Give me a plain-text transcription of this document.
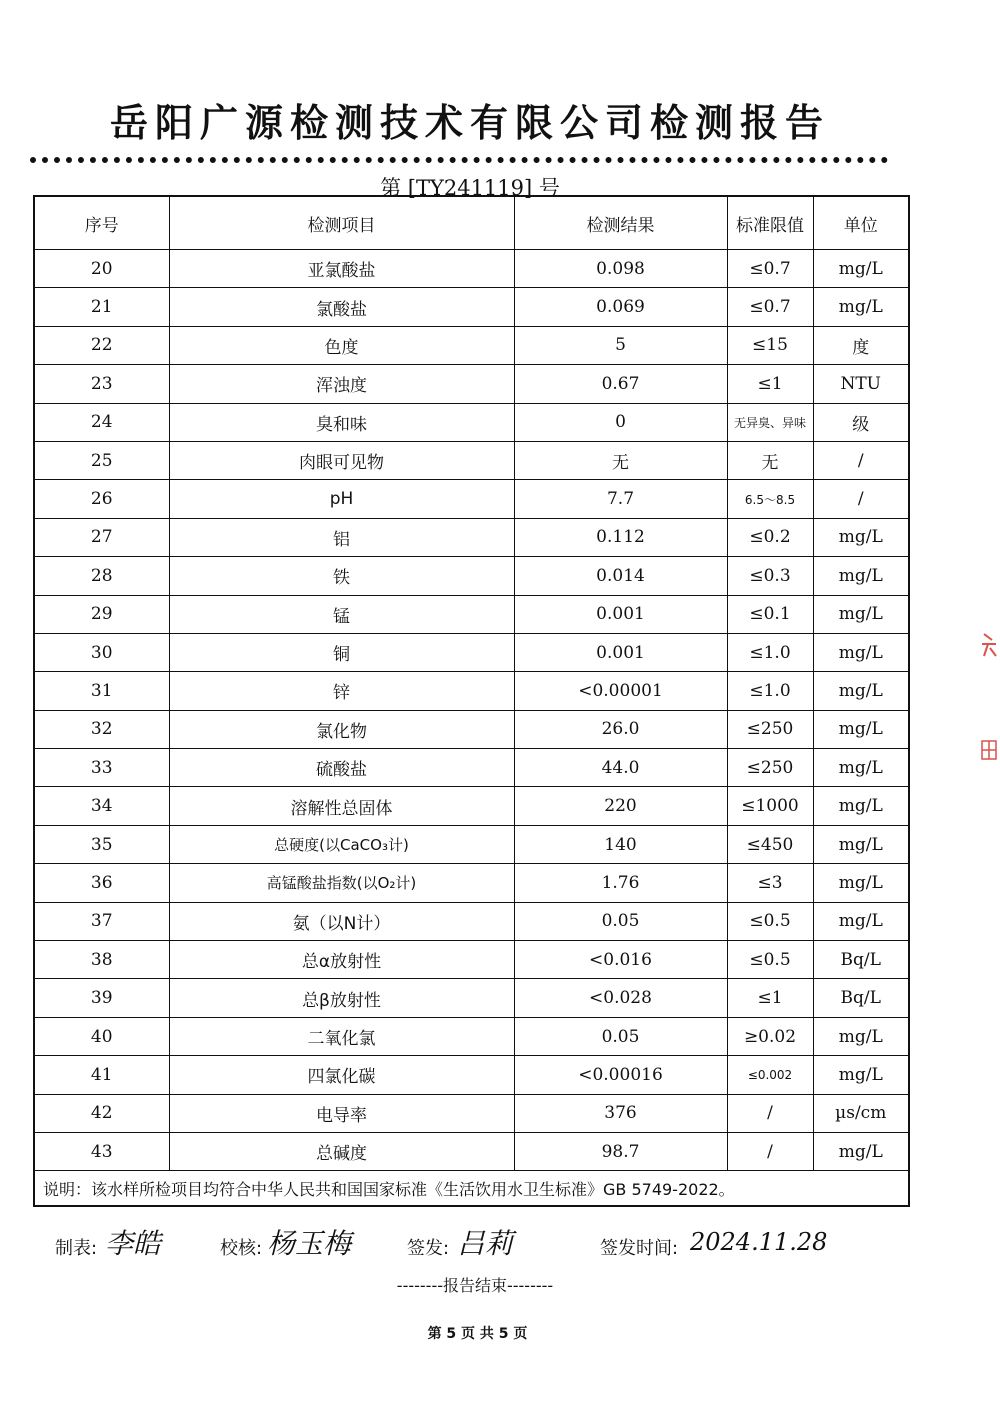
岳阳广源检测技术有限公司检测报告
第 [TY241119] 号
序号	检测项目	检测结果	标准限值	单位
20	亚氯酸盐	0.098	≤0.7	mg/L
21	氯酸盐	0.069	≤0.7	mg/L
22	色度	5	≤15	度
23	浑浊度	0.67	≤1	NTU
24	臭和味	0	无异臭、异味	级
25	肉眼可见物	无	无	/
26	pH	7.7	6.5～8.5	/
27	铝	0.112	≤0.2	mg/L
28	铁	0.014	≤0.3	mg/L
29	锰	0.001	≤0.1	mg/L
30	铜	0.001	≤1.0	mg/L
31	锌	<0.00001	≤1.0	mg/L
32	氯化物	26.0	≤250	mg/L
33	硫酸盐	44.0	≤250	mg/L
34	溶解性总固体	220	≤1000	mg/L
35	总硬度(以CaCO₃计)	140	≤450	mg/L
36	高锰酸盐指数(以O₂计)	1.76	≤3	mg/L
37	氨（以N计）	0.05	≤0.5	mg/L
38	总α放射性	<0.016	≤0.5	Bq/L
39	总β放射性	<0.028	≤1	Bq/L
40	二氧化氯	0.05	≥0.02	mg/L
41	四氯化碳	<0.00016	≤0.002	mg/L
42	电导率	376	/	µs/cm
43	总碱度	98.7	/	mg/L
说明：该水样所检项目均符合中华人民共和国国家标准《生活饮用水卫生标准》GB 5749-2022。				
制表: 李皓	校核: 杨玉梅	签发: 吕莉	签发时间: 2024.11.28
--------报告结束--------
第 5 页 共 5 页
